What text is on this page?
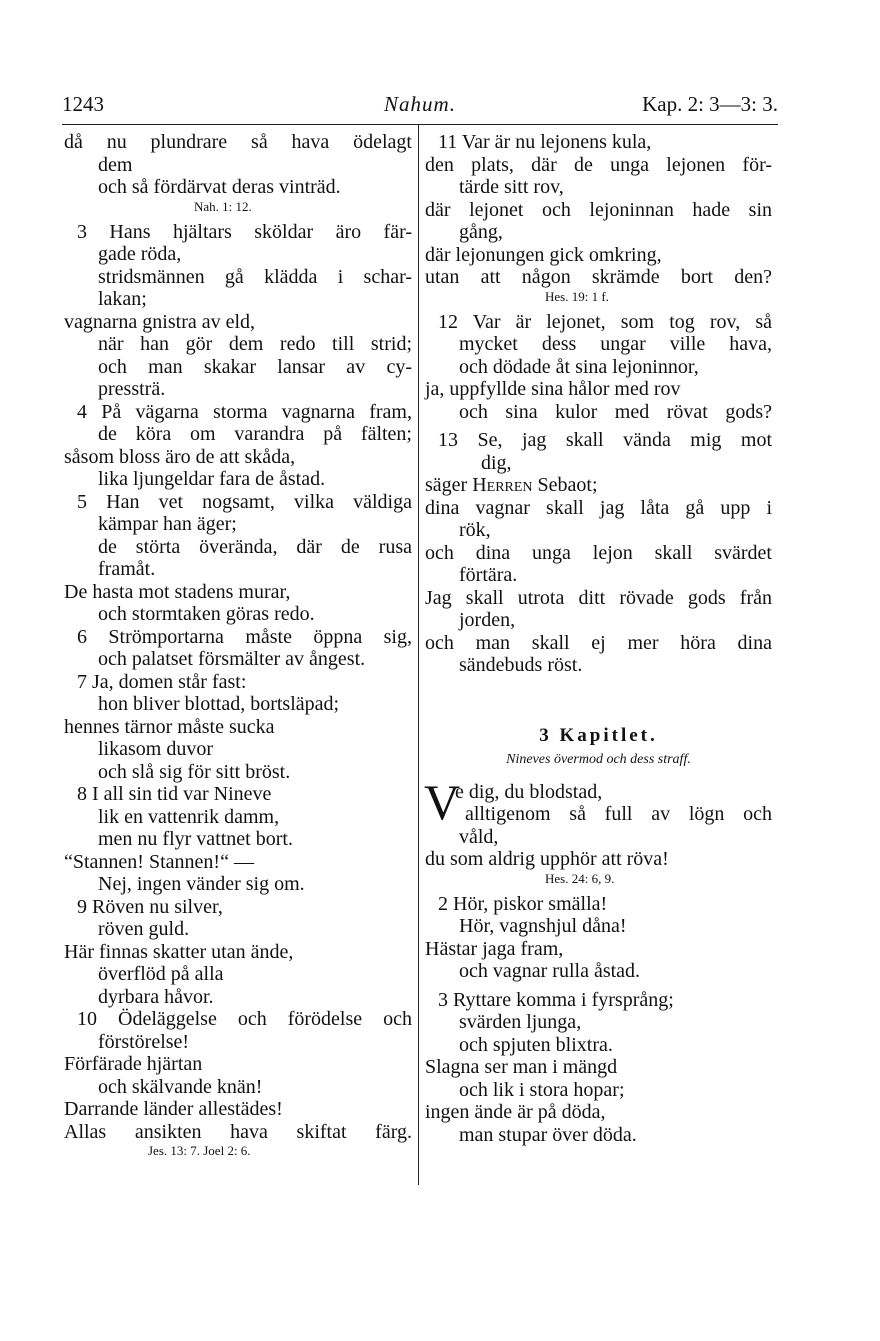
1243	Nahum.	Kap. 2: 3—3: 3.
då nu plundrare så hava ödelagt
dem
och så fördärvat deras vinträd.
Nah. 1: 12.
3 Hans hjältars sköldar äro fär-
gade röda,
stridsmännen gå klädda i schar-
lakan;
vagnarna gnistra av eld,
när han gör dem redo till strid;
och man skakar lansar av cy-
pressträ.
4 På vägarna storma vagnarna fram,
de köra om varandra på fälten;
såsom bloss äro de att skåda,
lika ljungeldar fara de åstad.
5 Han vet nogsamt, vilka väldiga
kämpar han äger;
de störta överända, där de rusa
framåt.
De hasta mot stadens murar,
och stormtaken göras redo.
6 Strömportarna måste öppna sig,
och palatset försmälter av ångest.
7 Ja, domen står fast:
hon bliver blottad, bortsläpad;
hennes tärnor måste sucka
likasom duvor
och slå sig för sitt bröst.
8 I all sin tid var Nineve
lik en vattenrik damm,
men nu flyr vattnet bort.
“Stannen! Stannen!“ —
Nej, ingen vänder sig om.
9 Röven nu silver,
röven guld.
Här finnas skatter utan ände,
överflöd på alla
dyrbara håvor.
10 Ödeläggelse och förödelse och
förstörelse!
Förfärade hjärtan
och skälvande knän!
Darrande länder allestädes!
Allas ansikten hava skiftat färg.
Jes. 13: 7. Joel 2: 6.
11 Var är nu lejonens kula,
den plats, där de unga lejonen för-
tärde sitt rov,
där lejonet och lejoninnan hade sin
gång,
där lejonungen gick omkring,
utan att någon skrämde bort den?
Hes. 19: 1 f.
12 Var är lejonet, som tog rov, så
mycket dess ungar ville hava,
och dödade åt sina lejoninnor,
ja, uppfyllde sina hålor med rov
och sina kulor med rövat gods?
13 Se, jag skall vända mig mot
dig,
säger Herren Sebaot;
dina vagnar skall jag låta gå upp i
rök,
och dina unga lejon skall svärdet
förtära.
Jag skall utrota ditt rövade gods från
jorden,
och man skall ej mer höra dina
sändebuds röst.
3 Kapitlet.
Nineves övermod och dess straff.
V
e dig, du blodstad,
alltigenom så full av lögn och
våld,
du som aldrig upphör att röva!
Hes. 24: 6, 9.
2 Hör, piskor smälla!
Hör, vagnshjul dåna!
Hästar jaga fram,
och vagnar rulla åstad.
3 Ryttare komma i fyrsprång;
svärden ljunga,
och spjuten blixtra.
Slagna ser man i mängd
och lik i stora hopar;
ingen ände är på döda,
man stupar över döda.
